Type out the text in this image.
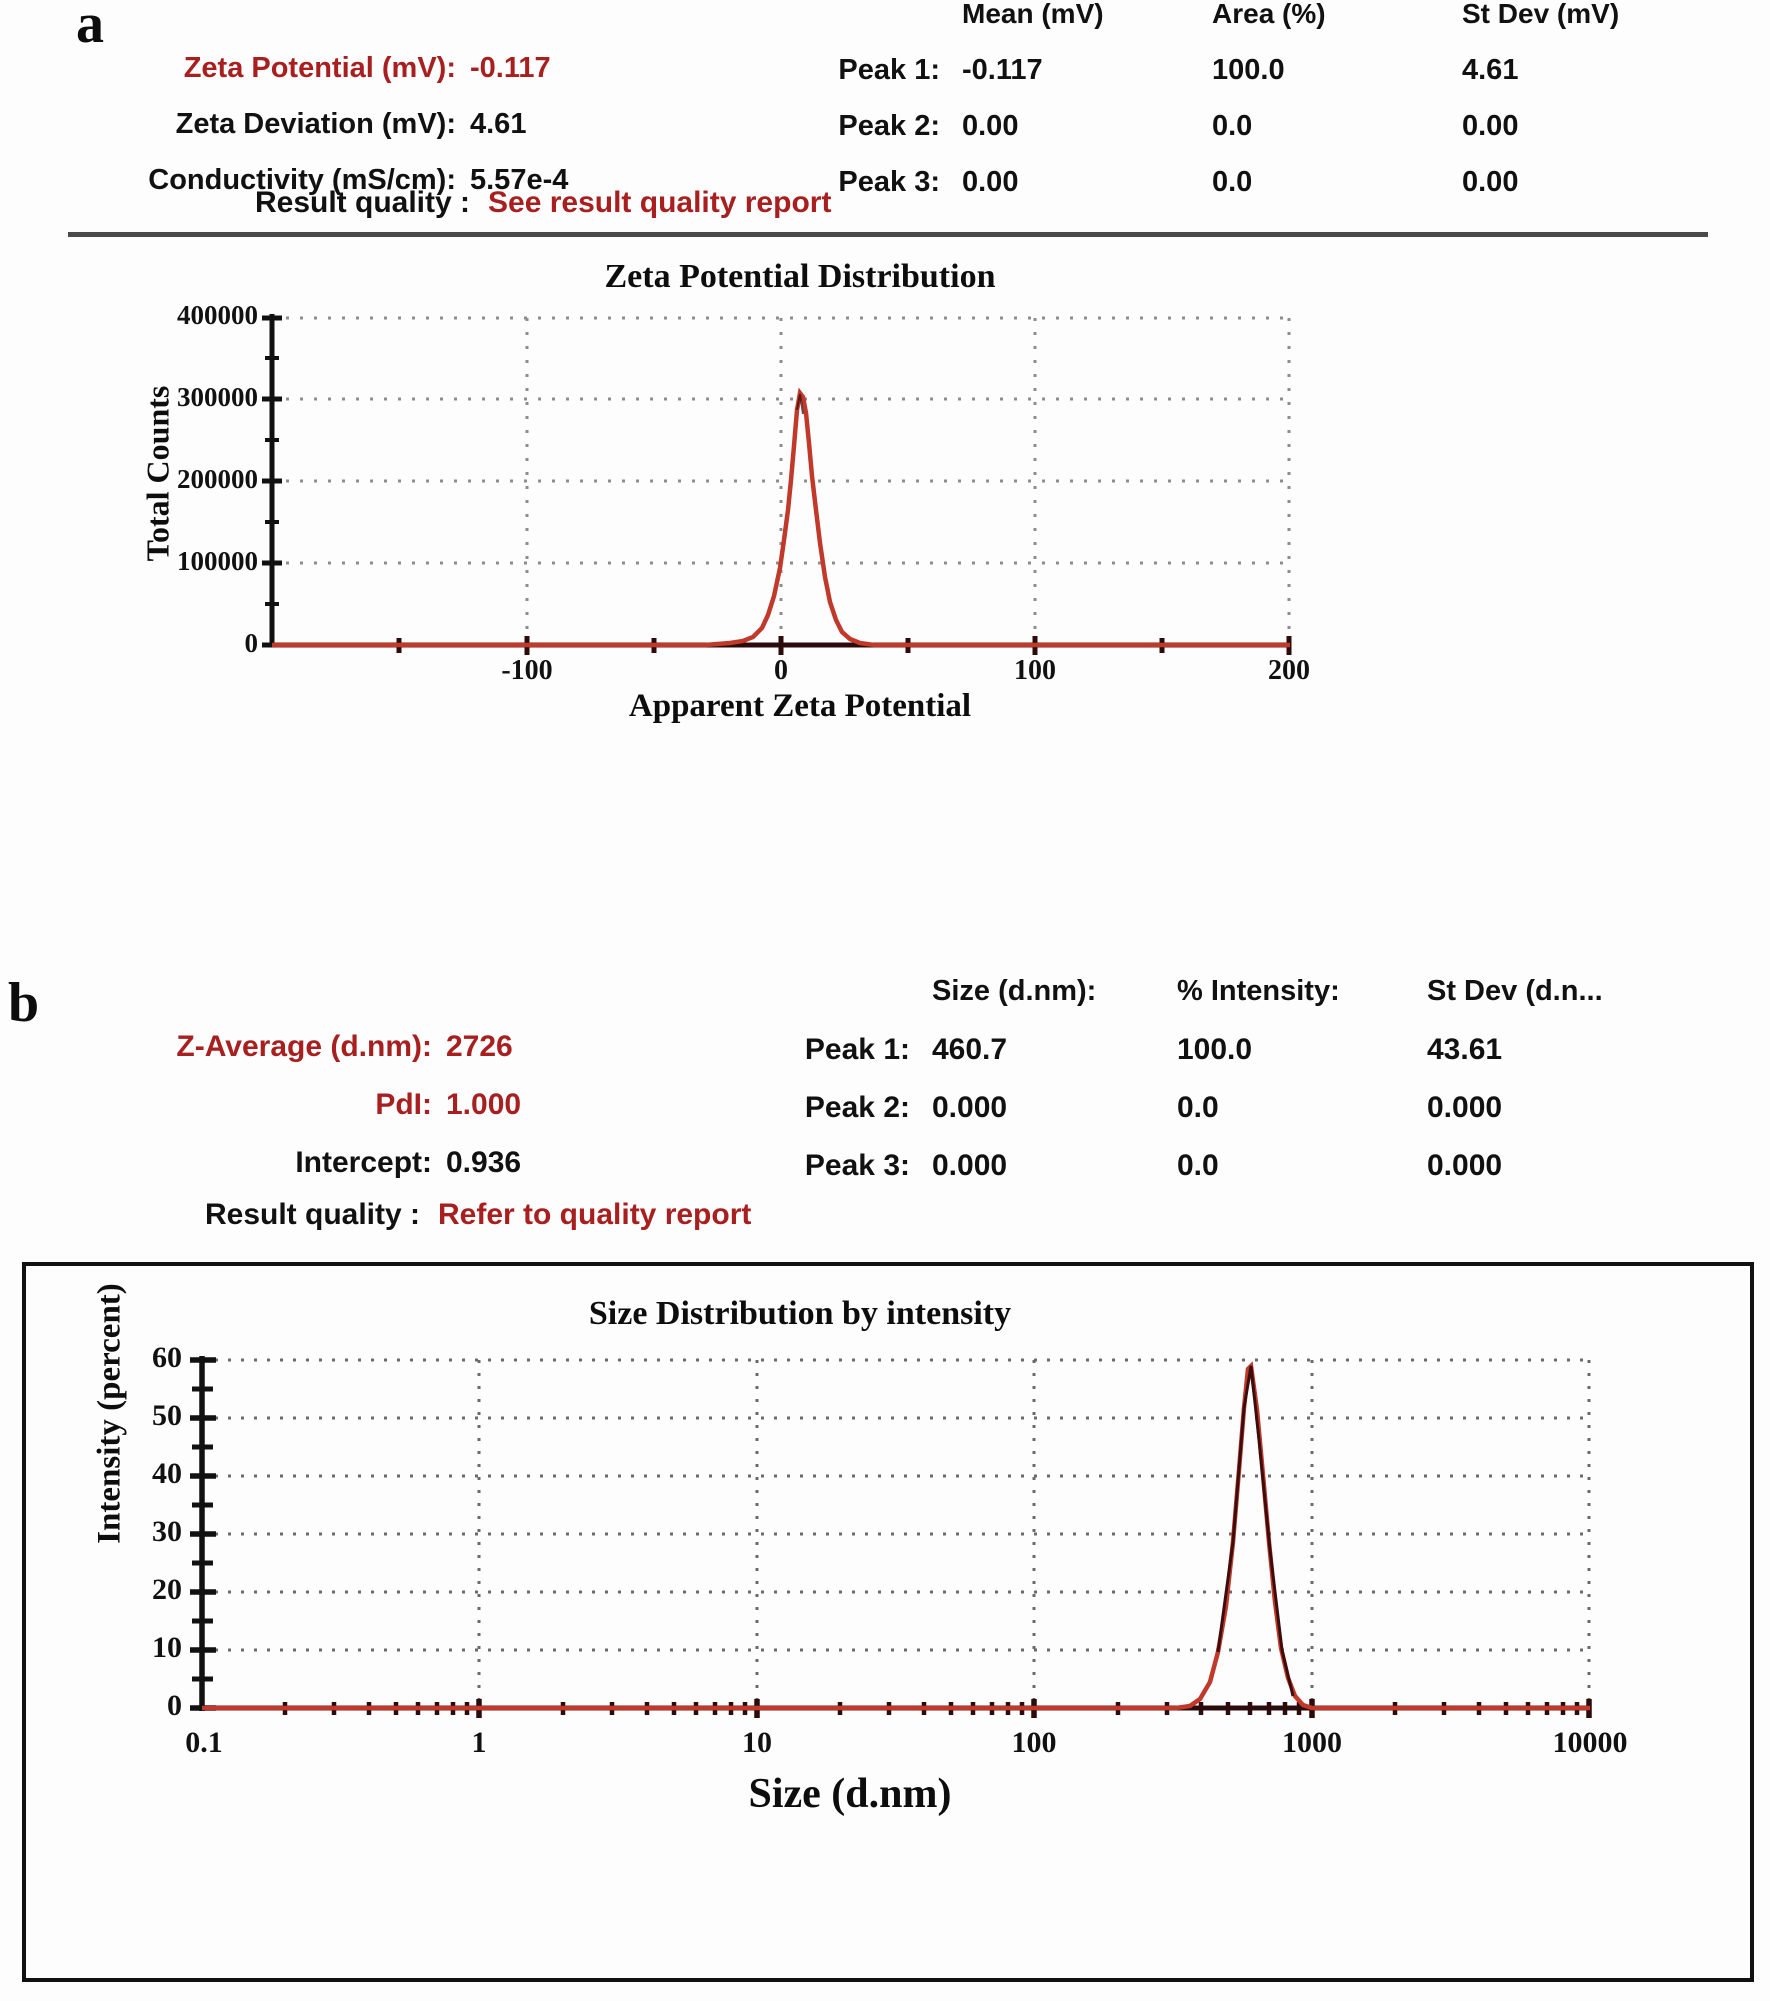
a
Zeta Potential (mV): -0.117
Zeta Deviation (mV): 4.61
Conductivity (mS/cm): 5.57e-4
Mean (mV)	Area (%)	St Dev (mV)
Peak 1: -0.117	100.0	4.61
Peak 2: 0.00	0.0	0.00
Peak 3: 0.00	0.0	0.00
Result quality : See result quality report
Zeta Potential Distribution
Total Counts
400000
300000
200000
100000
0
-100	0	100	200
Apparent Zeta Potential
b
Z-Average (d.nm): 2726
PdI: 1.000
Intercept: 0.936
Size (d.nm):	% Intensity:	St Dev (d.n...
Peak 1: 460.7	100.0	43.61
Peak 2: 0.000	0.0	0.000
Peak 3: 0.000	0.0	0.000
Result quality : Refer to quality report
Size Distribution by intensity
Intensity (percent) 60
50
40
30
20
10
0
0.1	1	10	100	1000	10000
Size (d.nm)
